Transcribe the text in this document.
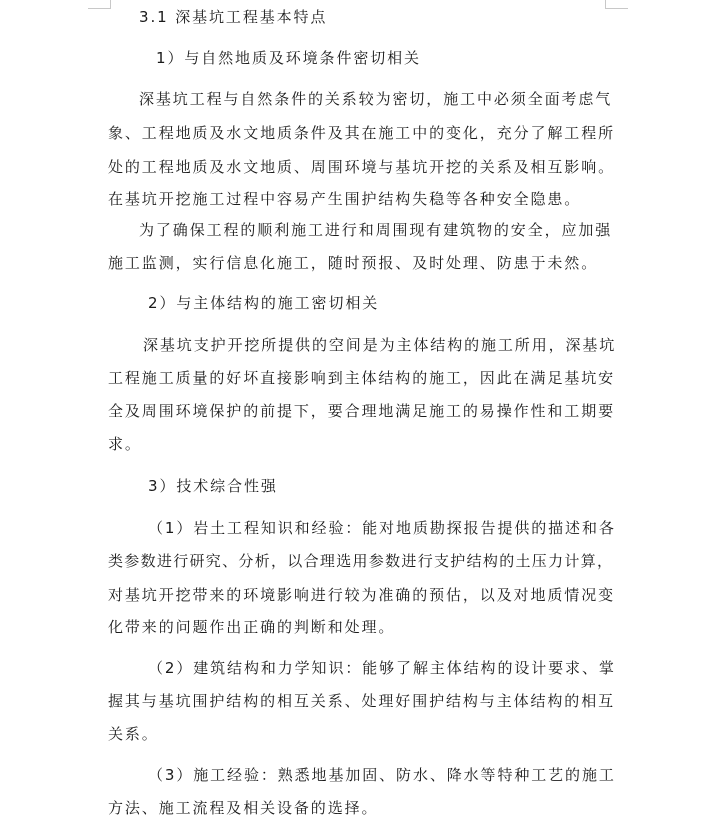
3.1 深基坑工程基本特点

1）与自然地质及环境条件密切相关

深基坑工程与自然条件的关系较为密切，施工中必须全面考虑气

象、工程地质及水文地质条件及其在施工中的变化，充分了解工程所

处的工程地质及水文地质、周围环境与基坑开挖的关系及相互影响。

在基坑开挖施工过程中容易产生围护结构失稳等各种安全隐患。

为了确保工程的顺利施工进行和周围现有建筑物的安全，应加强

施工监测，实行信息化施工，随时预报、及时处理、防患于未然。

2）与主体结构的施工密切相关

深基坑支护开挖所提供的空间是为主体结构的施工所用，深基坑

工程施工质量的好坏直接影响到主体结构的施工，因此在满足基坑安

全及周围环境保护的前提下，要合理地满足施工的易操作性和工期要

求。

3）技术综合性强

（1）岩土工程知识和经验：能对地质勘探报告提供的描述和各

类参数进行研究、分析，以合理选用参数进行支护结构的土压力计算，

对基坑开挖带来的环境影响进行较为准确的预估，以及对地质情况变

化带来的问题作出正确的判断和处理。

（2）建筑结构和力学知识：能够了解主体结构的设计要求、掌

握其与基坑围护结构的相互关系、处理好围护结构与主体结构的相互

关系。

（3）施工经验：熟悉地基加固、防水、降水等特种工艺的施工

方法、施工流程及相关设备的选择。
